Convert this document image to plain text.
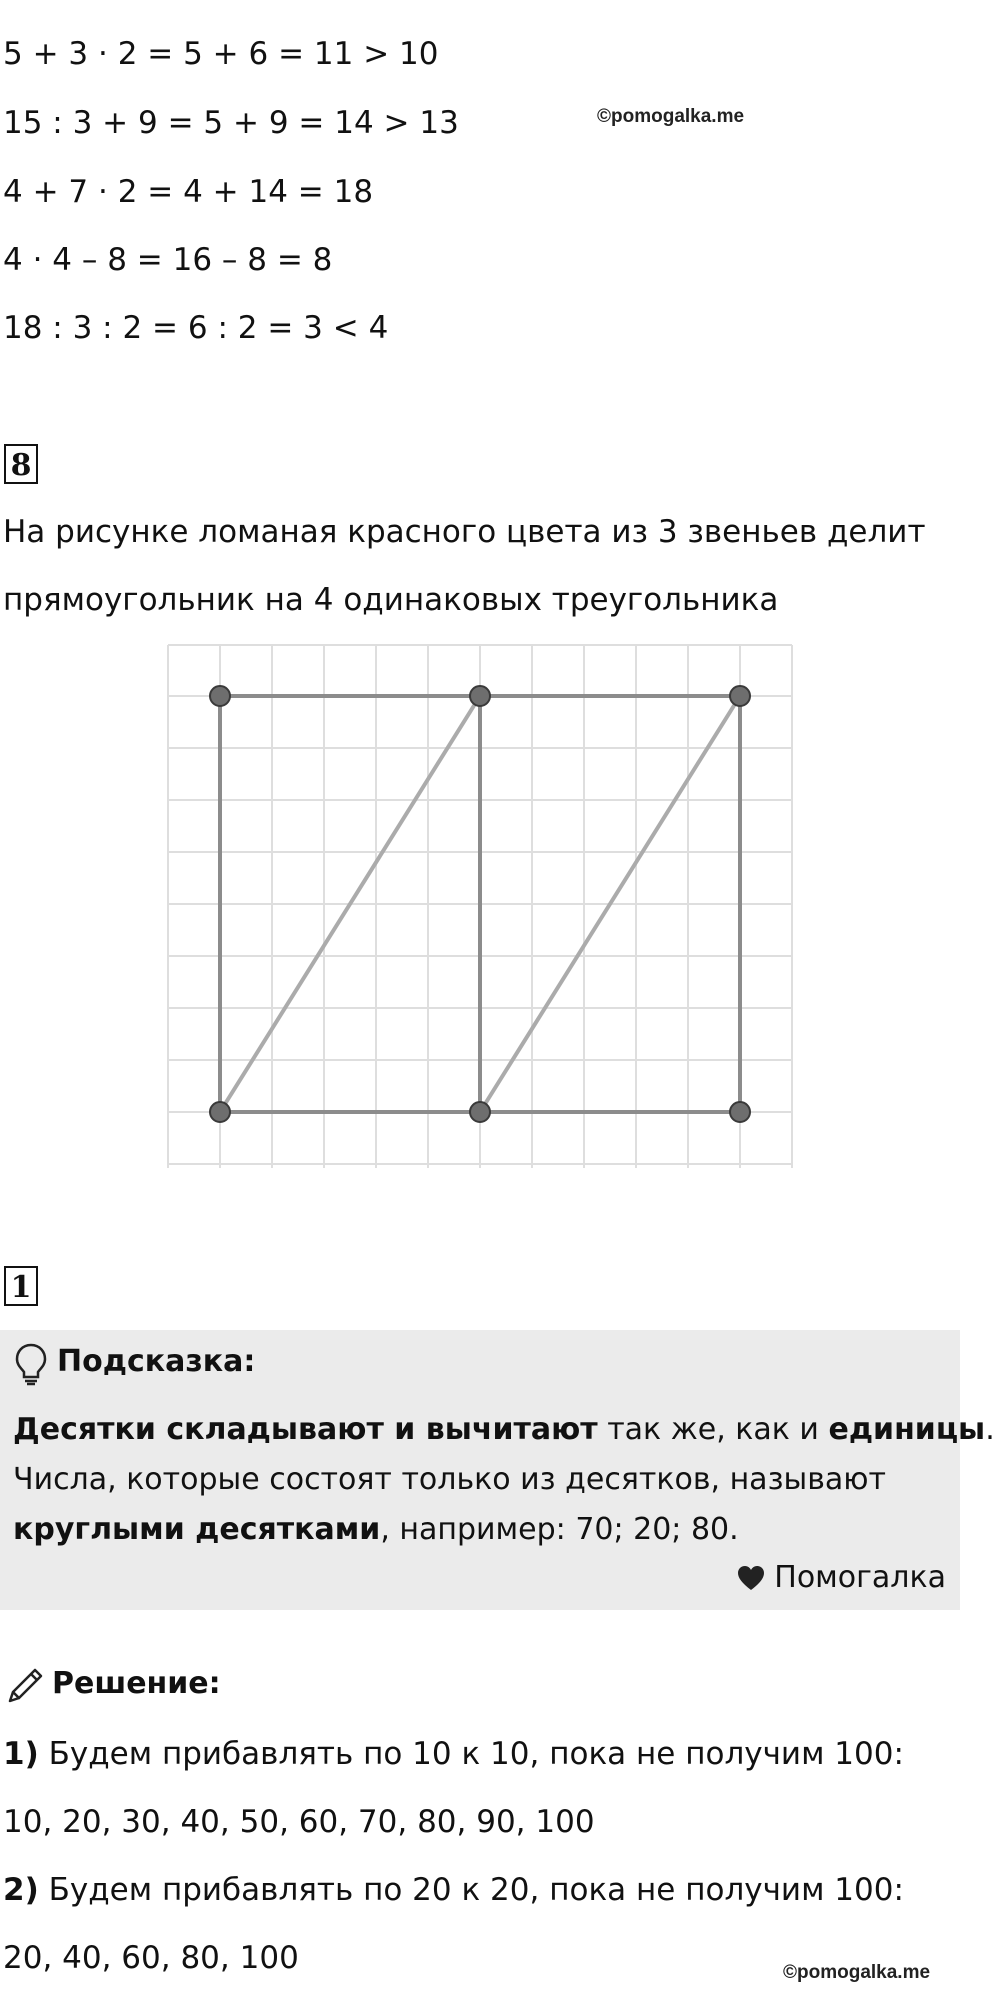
5 + 3 · 2 = 5 + 6 = 11 > 10
15 : 3 + 9 = 5 + 9 = 14 > 13
4 + 7 · 2 = 4 + 14 = 18
4 · 4 – 8 = 16 – 8 = 8
18 : 3 : 2 = 6 : 2 = 3 < 4
©pomogalka.me
8
На рисунке ломаная красного цвета из 3 звеньев делит
прямоугольник на 4 одинаковых треугольника
1
Подсказка:
Десятки складывают и вычитают так же, как и единицы.
Числа, которые состоят только из десятков, называют
круглыми десятками, например: 70; 20; 80.
Помогалка
Решение:
1) Будем прибавлять по 10 к 10, пока не получим 100:
10, 20, 30, 40, 50, 60, 70, 80, 90, 100
2) Будем прибавлять по 20 к 20, пока не получим 100:
20, 40, 60, 80, 100	©pomogalka.me
